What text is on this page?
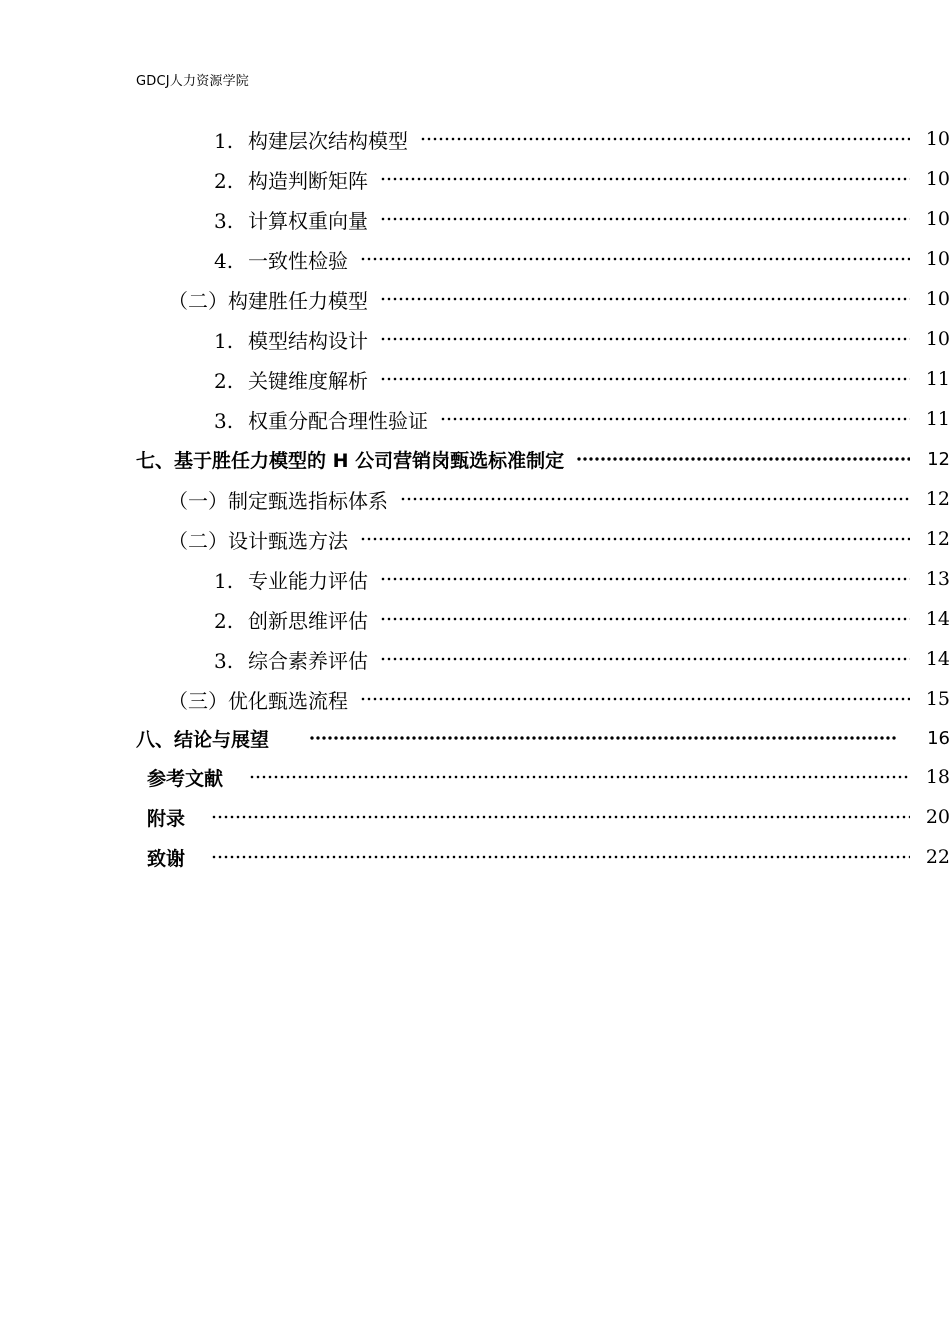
GDCJ人力资源学院
1. 构建层次结构模型	10
2. 构造判断矩阵	10
3. 计算权重向量	10
4. 一致性检验	10
（二）构建胜任力模型	10
1. 模型结构设计	10
2. 关键维度解析	11
3. 权重分配合理性验证	11
七、基于胜任力模型的 H 公司营销岗甄选标准制定	12
（一）制定甄选指标体系	12
（二）设计甄选方法	12
1. 专业能力评估	13
2. 创新思维评估	14
3. 综合素养评估	14
（三）优化甄选流程	15
八、结论与展望	16
参考文献	18
附录	20
致谢	22
